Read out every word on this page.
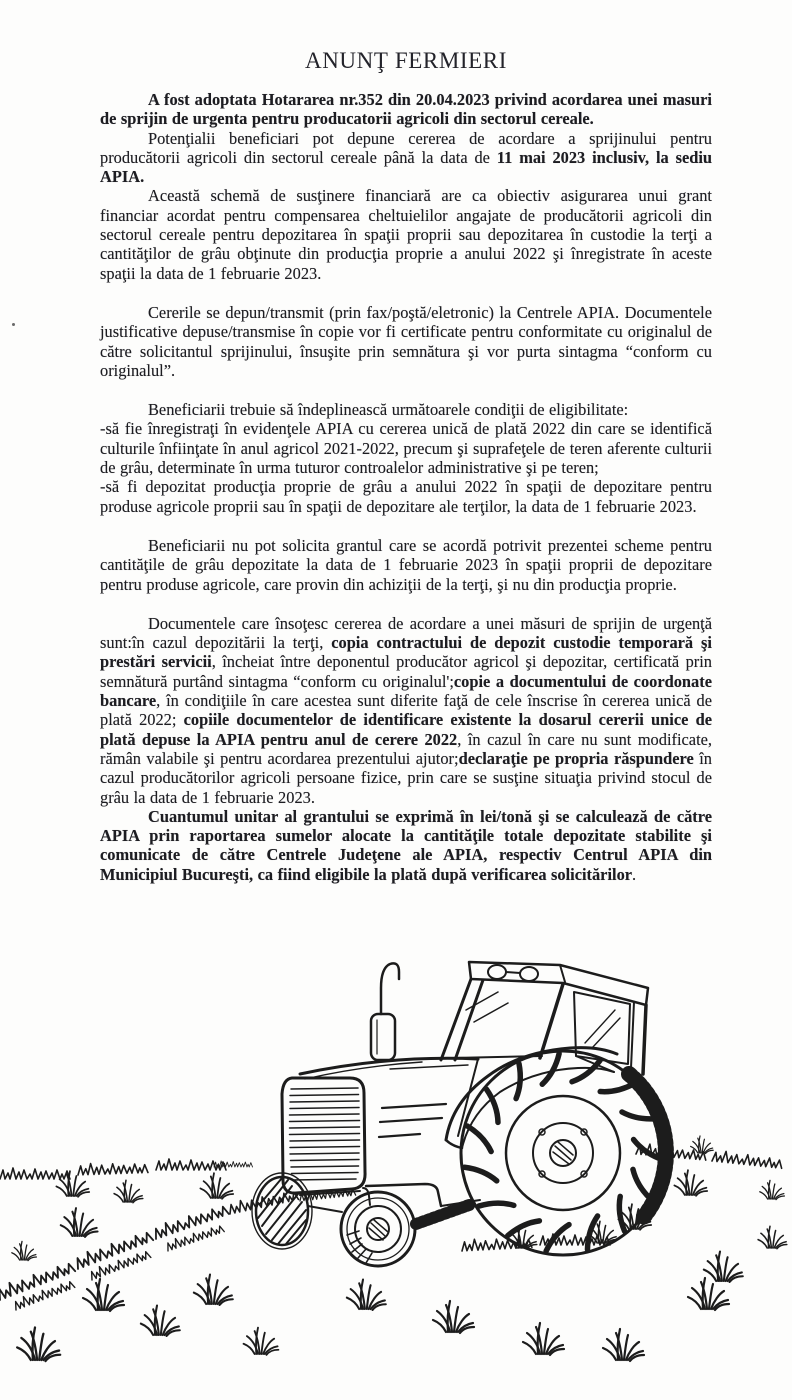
ANUNŢ FERMIERI

A fost adoptata Hotararea nr.352 din 20.04.2023 privind acordarea unei masuri de sprijin de urgenta pentru producatorii agricoli din sectorul cereale.

Potenţialii beneficiari pot depune cererea de acordare a sprijinului pentru producătorii agricoli din sectorul cereale până la data de 11 mai 2023 inclusiv, la sediu APIA.

Această schemă de susţinere financiară are ca obiectiv asigurarea unui grant financiar acordat pentru compensarea cheltuielilor angajate de producătorii agricoli din sectorul cereale pentru depozitarea în spaţii proprii sau depozitarea în custodie la terţi a cantităţilor de grâu obţinute din producţia proprie a anului 2022 şi înregistrate în aceste spaţii la data de 1 februarie 2023.

Cererile se depun/transmit (prin fax/poştă/eletronic) la Centrele APIA. Documentele justificative depuse/transmise în copie vor fi certificate pentru conformitate cu originalul de către solicitantul sprijinului, însuşite prin semnătura şi vor purta sintagma “conform cu originalul”.

Beneficiarii trebuie să îndeplinească următoarele condiţii de eligibilitate:

-să fie înregistraţi în evidenţele APIA cu cererea unică de plată 2022 din care se identifică culturile înfiinţate în anul agricol 2021-2022, precum şi suprafeţele de teren aferente culturii de grâu, determinate în urma tuturor controalelor administrative şi pe teren;

-să fi depozitat producţia proprie de grâu a anului 2022 în spaţii de depozitare pentru produse agricole proprii sau în spaţii de depozitare ale terţilor, la data de 1 februarie 2023.

Beneficiarii nu pot solicita grantul care se acordă potrivit prezentei scheme pentru cantităţile de grâu depozitate la data de 1 februarie 2023 în spaţii proprii de depozitare pentru produse agricole, care provin din achiziţii de la terţi, şi nu din producţia proprie.

Documentele care însoţesc cererea de acordare a unei măsuri de sprijin de urgenţă sunt:în cazul depozitării la terţi, copia contractului de depozit custodie temporară şi prestări servicii, încheiat între deponentul producător agricol şi depozitar, certificată prin semnătură purtând sintagma “conform cu originalul';copie a documentului de coordonate bancare, în condiţiile în care acestea sunt diferite faţă de cele înscrise în cererea unică de plată 2022; copiile documentelor de identificare existente la dosarul cererii unice de plată depuse la APIA pentru anul de cerere 2022, în cazul în care nu sunt modificate, rămân valabile şi pentru acordarea prezentului ajutor;declaraţie pe propria răspundere în cazul producătorilor agricoli persoane fizice, prin care se susţine situaţia privind stocul de grâu la data de 1 februarie 2023.

Cuantumul unitar al grantului se exprimă în lei/tonă şi se calculează de către APIA prin raportarea sumelor alocate la cantităţile totale depozitate stabilite şi comunicate de către Centrele Judeţene ale APIA, respectiv Centrul APIA din Municipiul Bucureşti, ca fiind eligibile la plată după verificarea solicitărilor.
